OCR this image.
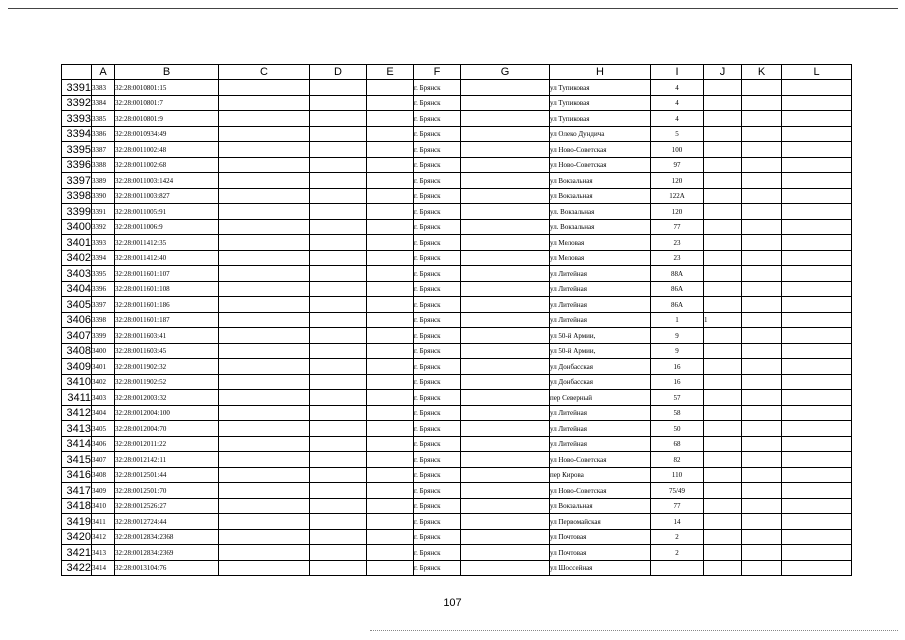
	A	B	C	D	E	F	G	H	I	J	K	L
3391	3383	32:28:0010801:15				г. Брянск		ул Тупиковая	4			
3392	3384	32:28:0010801:7				г. Брянск		ул Тупиковая	4			
3393	3385	32:28:0010801:9				г. Брянск		ул Тупиковая	4			
3394	3386	32:28:0010934:49				г. Брянск		ул Олеко Дундича	5			
3395	3387	32:28:0011002:48				г. Брянск		ул Ново-Советская	100			
3396	3388	32:28:0011002:68				г. Брянск		ул Ново-Советская	97			
3397	3389	32:28:0011003:1424				г. Брянск		ул Вокзальная	120			
3398	3390	32:28:0011003:827				г. Брянск		ул Вокзальная	122А			
3399	3391	32:28:0011005:91				г. Брянск		ул. Вокзальная	120			
3400	3392	32:28:0011006:9				г. Брянск		ул. Вокзальная	77			
3401	3393	32:28:0011412:35				г. Брянск		ул Меловая	23			
3402	3394	32:28:0011412:40				г. Брянск		ул Меловая	23			
3403	3395	32:28:0011601:107				г. Брянск		ул Литейная	88А			
3404	3396	32:28:0011601:108				г. Брянск		ул Литейная	86А			
3405	3397	32:28:0011601:186				г. Брянск		ул Литейная	86А			
3406	3398	32:28:0011601:187				г. Брянск		ул Литейная	1	1		
3407	3399	32:28:0011603:41				г. Брянск		ул 50-й Армии,	9			
3408	3400	32:28:0011603:45				г. Брянск		ул 50-й Армии,	9			
3409	3401	32:28:0011902:32				г. Брянск		ул Донбасская	16			
3410	3402	32:28:0011902:52				г. Брянск		ул Донбасская	16			
3411	3403	32:28:0012003:32				г. Брянск		пер Северный	57			
3412	3404	32:28:0012004:100				г. Брянск		ул Литейная	58			
3413	3405	32:28:0012004:70				г. Брянск		ул Литейная	50			
3414	3406	32:28:0012011:22				г. Брянск		ул Литейная	68			
3415	3407	32:28:0012142:11				г. Брянск		ул Ново-Советская	82			
3416	3408	32:28:0012501:44				г. Брянск		пер Кирова	110			
3417	3409	32:28:0012501:70				г. Брянск		ул Ново-Советская	75/49			
3418	3410	32:28:0012526:27				г. Брянск		ул Вокзальная	77			
3419	3411	32:28:0012724:44				г. Брянск		ул Первомайская	14			
3420	3412	32:28:0012834:2368				г. Брянск		ул Почтовая	2			
3421	3413	32:28:0012834:2369				г. Брянск		ул Почтовая	2			
3422	3414	32:28:0013104:76				г. Брянск		ул Шоссейная				
107
